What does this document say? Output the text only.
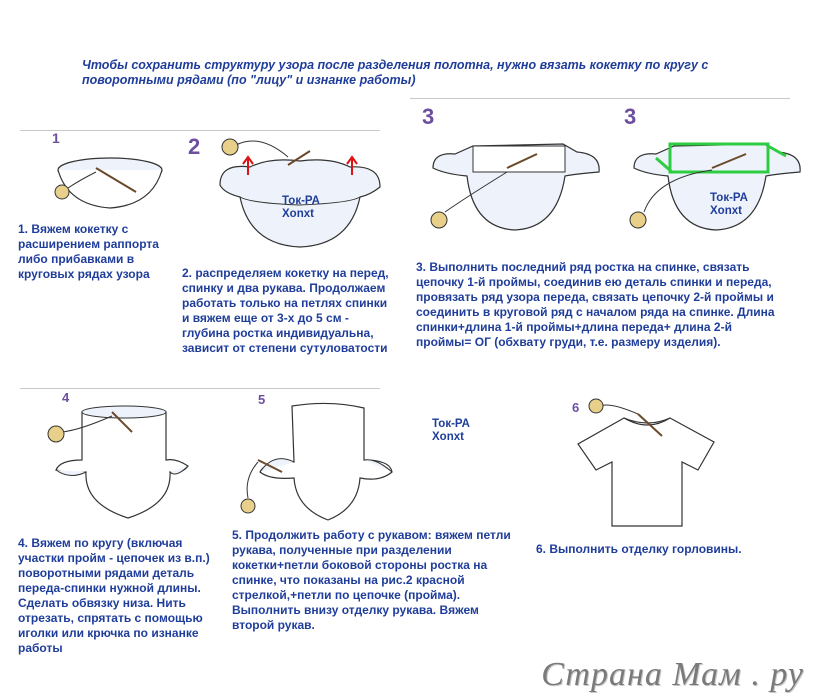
Чтобы сохранить структуру узора после разделения полотна, нужно вязать кокетку по кругу с поворотными рядами (по "лицу" и изнанке работы)
1
1. Вяжем кокетку с расширением раппорта либо прибавками в круговых рядах узора
2
Ток-РА Xonxt
2. распределяем кокетку на перед, спинку и два рукава. Продолжаем работать только на петлях спинки и вяжем еще от 3-х до 5 см - глубина ростка индивидуальна, зависит от степени сутуловатости
3	3
Ток-РА Xonxt
3. Выполнить последний ряд ростка на спинке, связать цепочку 1-й проймы, соединив ею деталь спинки и переда, провязать ряд узора переда, связать цепочку 2-й проймы и соединить в круговой ряд с началом ряда на спинке. Длина спинки+длина 1-й проймы+длина переда+ длина 2-й проймы= ОГ (обхвату груди, т.е. размеру изделия).
4
4. Вяжем по кругу (включая участки пройм - цепочек из в.п.) поворотными рядами деталь переда-спинки нужной длины. Сделать обвязку низа. Нить отрезать, спрятать с помощью иголки или крючка по изнанке работы
5
Ток-РА Xonxt
5. Продолжить работу с рукавом: вяжем петли рукава, полученные при разделении кокетки+петли боковой стороны ростка на спинке, что показаны на рис.2 красной стрелкой,+петли по цепочке (пройма). Выполнить внизу отделку рукава. Вяжем второй рукав.
6
6. Выполнить отделку горловины.
Страна Мам . ру
